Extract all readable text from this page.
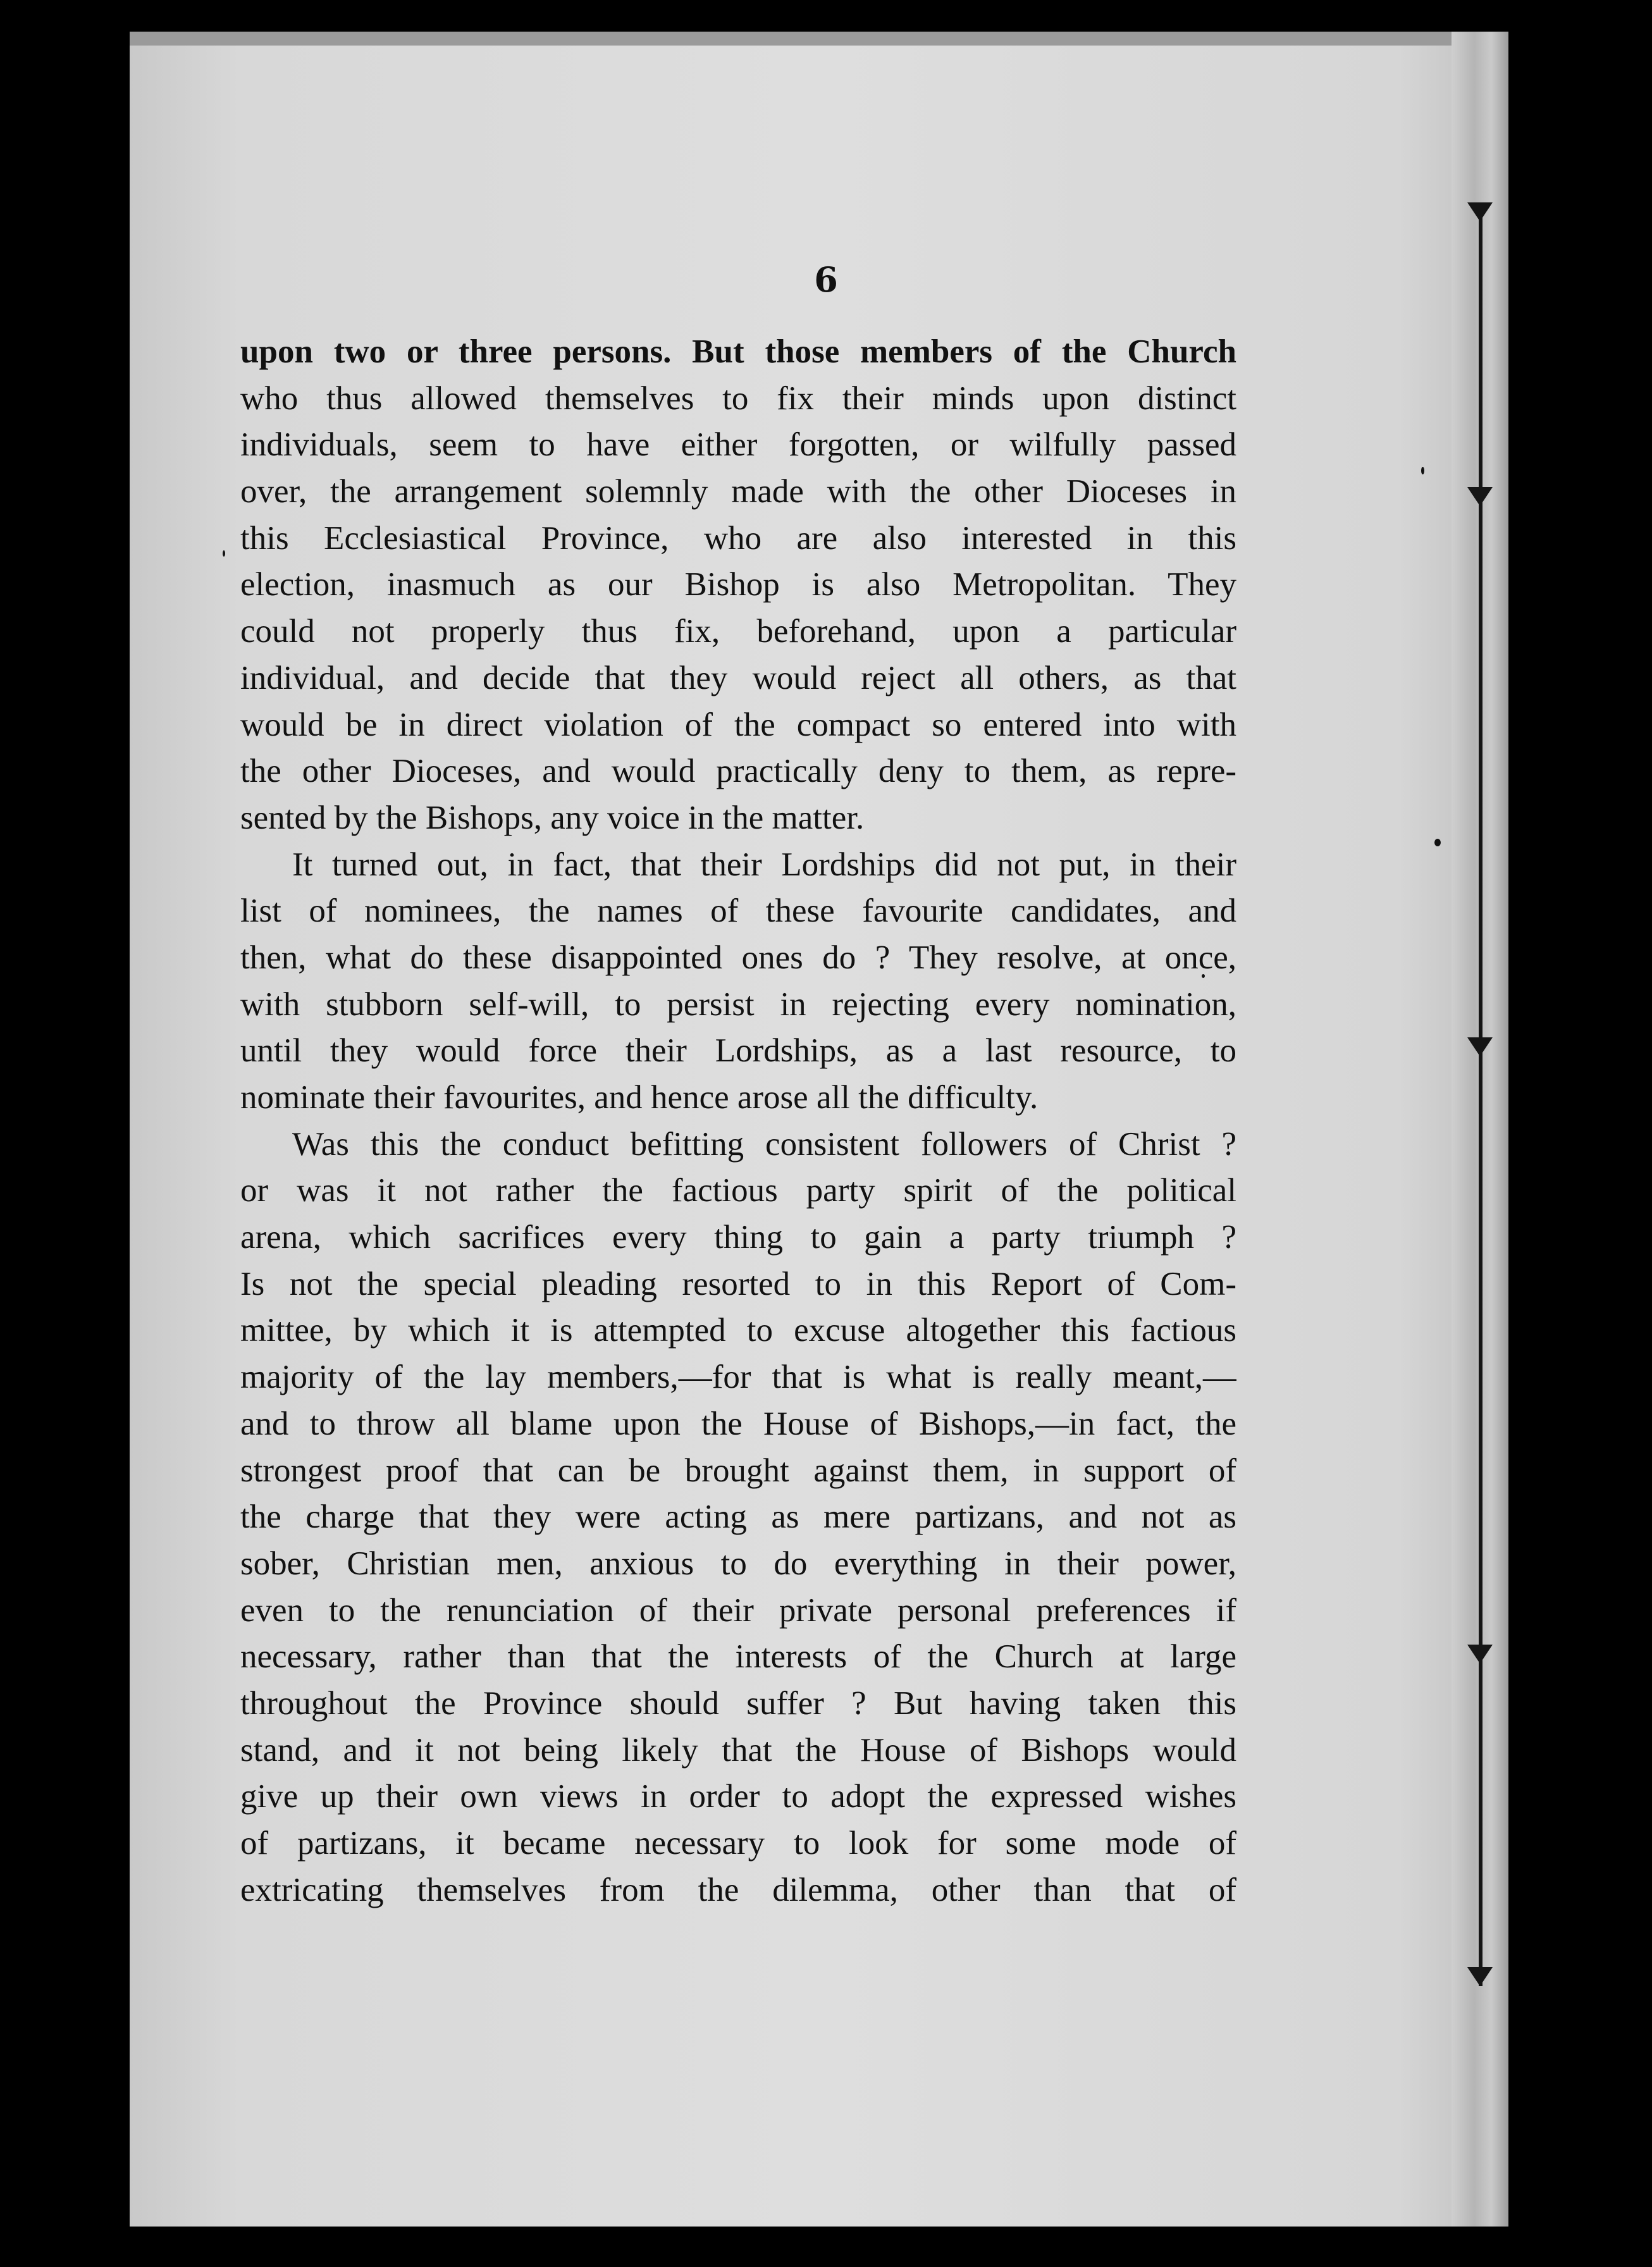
6
upon two or three persons. But those members of the Church
who thus allowed themselves to fix their minds upon distinct
individuals, seem to have either forgotten, or wilfully passed
over, the arrangement solemnly made with the other Dioceses in
this Ecclesiastical Province, who are also interested in this
election, inasmuch as our Bishop is also Metropolitan. They
could not properly thus fix, beforehand, upon a particular
individual, and decide that they would reject all others, as that
would be in direct violation of the compact so entered into with
the other Dioceses, and would practically deny to them, as repre-
sented by the Bishops, any voice in the matter.
It turned out, in fact, that their Lordships did not put, in their
list of nominees, the names of these favourite candidates, and
then, what do these disappointed ones do ? They resolve, at once,
with stubborn self-will, to persist in rejecting every nomination,
until they would force their Lordships, as a last resource, to
nominate their favourites, and hence arose all the difficulty.
Was this the conduct befitting consistent followers of Christ ?
or was it not rather the factious party spirit of the political
arena, which sacrifices every thing to gain a party triumph ?
Is not the special pleading resorted to in this Report of Com-
mittee, by which it is attempted to excuse altogether this factious
majority of the lay members,—for that is what is really meant,—
and to throw all blame upon the House of Bishops,—in fact, the
strongest proof that can be brought against them, in support of
the charge that they were acting as mere partizans, and not as
sober, Christian men, anxious to do everything in their power,
even to the renunciation of their private personal preferences if
necessary, rather than that the interests of the Church at large
throughout the Province should suffer ? But having taken this
stand, and it not being likely that the House of Bishops would
give up their own views in order to adopt the expressed wishes
of partizans, it became necessary to look for some mode of
extricating themselves from the dilemma, other than that of
